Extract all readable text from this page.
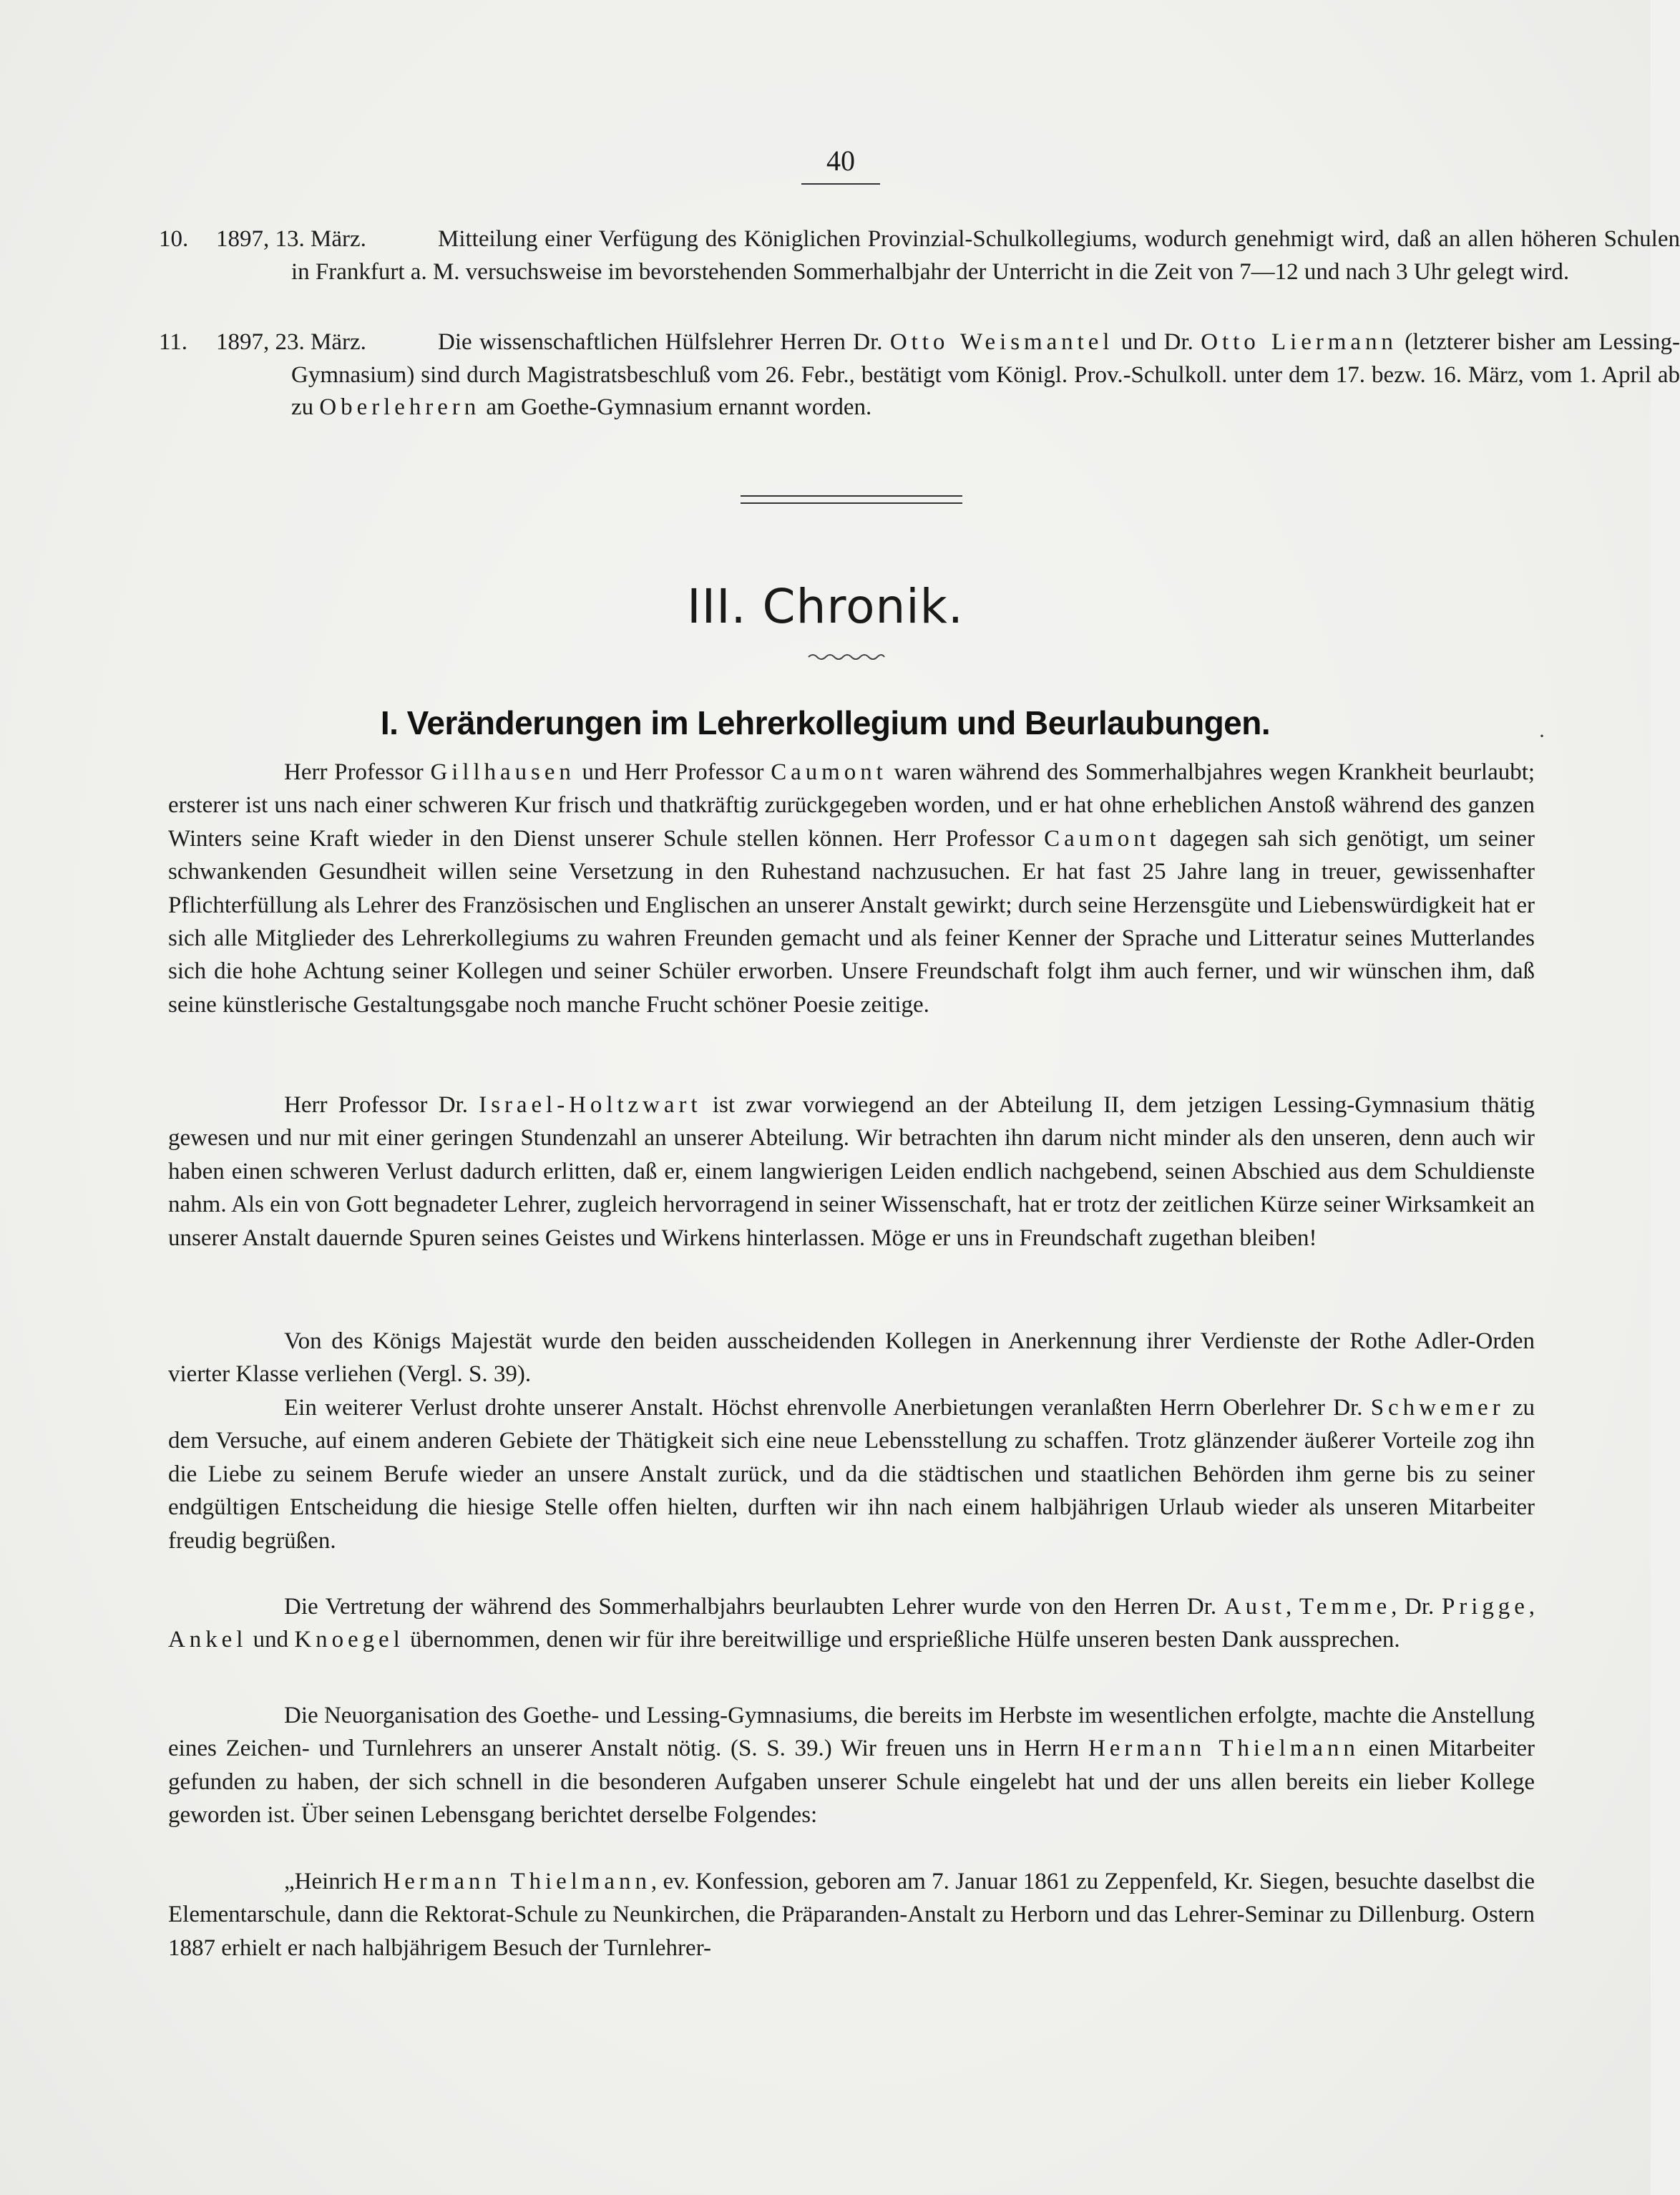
40
10.	1897, 13. März.	Mitteilung einer Verfügung des Königlichen Provinzial-Schulkollegiums, wodurch genehmigt wird, daß an allen höheren Schulen in Frankfurt a. M. versuchsweise im bevorstehenden Sommerhalbjahr der Unterricht in die Zeit von 7—12 und nach 3 Uhr gelegt wird.
11.	1897, 23. März.	Die wissenschaftlichen Hülfslehrer Herren Dr. Otto Weismantel und Dr. Otto Liermann (letzterer bisher am Lessing-Gymnasium) sind durch Magistratsbeschluß vom 26. Febr., bestätigt vom Königl. Prov.-Schulkoll. unter dem 17. bezw. 16. März, vom 1. April ab zu Oberlehrern am Goethe-Gymnasium ernannt worden.
III. Chronik.
I. Veränderungen im Lehrerkollegium und Beurlaubungen.	·
Herr Professor Gillhausen und Herr Professor Caumont waren während des Sommerhalbjahres wegen Krankheit beurlaubt; ersterer ist uns nach einer schweren Kur frisch und thatkräftig zurückgegeben worden, und er hat ohne erheblichen Anstoß während des ganzen Winters seine Kraft wieder in den Dienst unserer Schule stellen können. Herr Professor Caumont dagegen sah sich genötigt, um seiner schwankenden Gesundheit willen seine Versetzung in den Ruhestand nachzusuchen. Er hat fast 25 Jahre lang in treuer, gewissenhafter Pflichterfüllung als Lehrer des Französischen und Englischen an unserer Anstalt gewirkt; durch seine Herzensgüte und Liebenswürdigkeit hat er sich alle Mitglieder des Lehrerkollegiums zu wahren Freunden gemacht und als feiner Kenner der Sprache und Litteratur seines Mutterlandes sich die hohe Achtung seiner Kollegen und seiner Schüler erworben. Unsere Freundschaft folgt ihm auch ferner, und wir wünschen ihm, daß seine künstlerische Gestaltungsgabe noch manche Frucht schöner Poesie zeitige.
Herr Professor Dr. Israel-Holtzwart ist zwar vorwiegend an der Abteilung II, dem jetzigen Lessing-Gymnasium thätig gewesen und nur mit einer geringen Stundenzahl an unserer Abteilung. Wir betrachten ihn darum nicht minder als den unseren, denn auch wir haben einen schweren Verlust dadurch erlitten, daß er, einem langwierigen Leiden endlich nachgebend, seinen Abschied aus dem Schuldienste nahm. Als ein von Gott begnadeter Lehrer, zugleich hervorragend in seiner Wissenschaft, hat er trotz der zeitlichen Kürze seiner Wirksamkeit an unserer Anstalt dauernde Spuren seines Geistes und Wirkens hinterlassen. Möge er uns in Freundschaft zugethan bleiben!
Von des Königs Majestät wurde den beiden ausscheidenden Kollegen in Anerkennung ihrer Verdienste der Rothe Adler-Orden vierter Klasse verliehen (Vergl. S. 39).
Ein weiterer Verlust drohte unserer Anstalt. Höchst ehrenvolle Anerbietungen veranlaßten Herrn Oberlehrer Dr. Schwemer zu dem Versuche, auf einem anderen Gebiete der Thätigkeit sich eine neue Lebensstellung zu schaffen. Trotz glänzender äußerer Vorteile zog ihn die Liebe zu seinem Berufe wieder an unsere Anstalt zurück, und da die städtischen und staatlichen Behörden ihm gerne bis zu seiner endgültigen Entscheidung die hiesige Stelle offen hielten, durften wir ihn nach einem halbjährigen Urlaub wieder als unseren Mitarbeiter freudig begrüßen.
Die Vertretung der während des Sommerhalbjahrs beurlaubten Lehrer wurde von den Herren Dr. Aust, Temme, Dr. Prigge, Ankel und Knoegel übernommen, denen wir für ihre bereitwillige und ersprießliche Hülfe unseren besten Dank aussprechen.
Die Neuorganisation des Goethe- und Lessing-Gymnasiums, die bereits im Herbste im wesentlichen erfolgte, machte die Anstellung eines Zeichen- und Turnlehrers an unserer Anstalt nötig. (S. S. 39.) Wir freuen uns in Herrn Hermann Thielmann einen Mitarbeiter gefunden zu haben, der sich schnell in die besonderen Aufgaben unserer Schule eingelebt hat und der uns allen bereits ein lieber Kollege geworden ist. Über seinen Lebensgang berichtet derselbe Folgendes:
„Heinrich Hermann Thielmann, ev. Konfession, geboren am 7. Januar 1861 zu Zeppenfeld, Kr. Siegen, besuchte daselbst die Elementarschule, dann die Rektorat-Schule zu Neunkirchen, die Präparanden-Anstalt zu Herborn und das Lehrer-Seminar zu Dillenburg. Ostern 1887 erhielt er nach halbjährigem Besuch der Turnlehrer-
